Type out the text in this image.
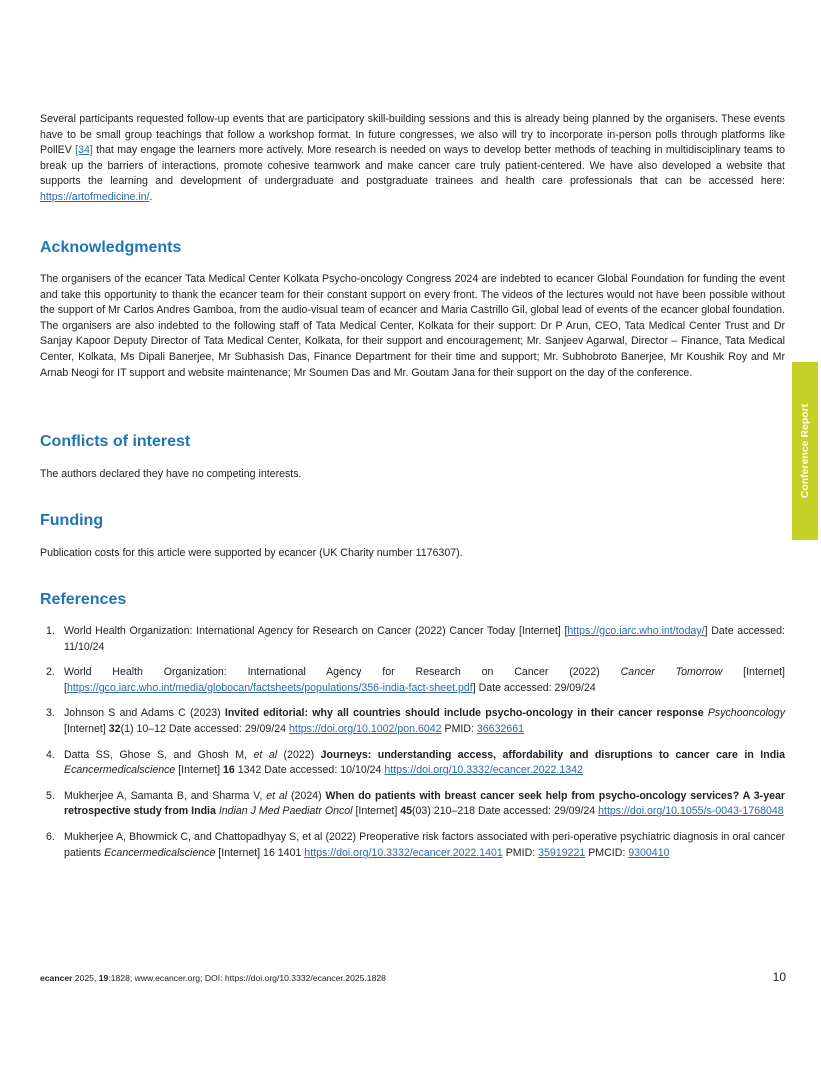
Several participants requested follow-up events that are participatory skill-building sessions and this is already being planned by the organisers. These events have to be small group teachings that follow a workshop format. In future congresses, we also will try to incorporate in-person polls through platforms like PollEV [34] that may engage the learners more actively. More research is needed on ways to develop better methods of teaching in multidisciplinary teams to break up the barriers of interactions, promote cohesive teamwork and make cancer care truly patient-centered. We have also developed a website that supports the learning and development of undergraduate and postgraduate trainees and health care professionals that can be accessed here: https://artofmedicine.in/.

Acknowledgments

The organisers of the ecancer Tata Medical Center Kolkata Psycho-oncology Congress 2024 are indebted to ecancer Global Foundation for funding the event and take this opportunity to thank the ecancer team for their constant support on every front. The videos of the lectures would not have been possible without the support of Mr Carlos Andres Gamboa, from the audio-visual team of ecancer and Maria Castrillo Gil, global lead of events of the ecancer global foundation. The organisers are also indebted to the following staff of Tata Medical Center, Kolkata for their support: Dr P Arun, CEO, Tata Medical Center Trust and Dr Sanjay Kapoor Deputy Director of Tata Medical Center, Kolkata, for their support and encouragement; Mr. Sanjeev Agarwal, Director – Finance, Tata Medical Center, Kolkata, Ms Dipali Banerjee, Mr Subhasish Das, Finance Department for their time and support; Mr. Subhobroto Banerjee, Mr Koushik Roy and Mr Arnab Neogi for IT support and website maintenance; Mr Soumen Das and Mr. Goutam Jana for their support on the day of the conference.

Conflicts of interest

The authors declared they have no competing interests.

Funding

Publication costs for this article were supported by ecancer (UK Charity number 1176307).

References
1. World Health Organization: International Agency for Research on Cancer (2022) Cancer Today [Internet] [https://gco.iarc.who.int/today/] Date accessed: 11/10/24
2. World Health Organization: International Agency for Research on Cancer (2022) Cancer Tomorrow [Internet] [https://gco.iarc.who.int/media/globocan/factsheets/populations/356-india-fact-sheet.pdf] Date accessed: 29/09/24
3. Johnson S and Adams C (2023) Invited editorial: why all countries should include psycho-oncology in their cancer response Psychooncology [Internet] 32(1) 10–12 Date accessed: 29/09/24 https://doi.org/10.1002/pon.6042 PMID: 36632661
4. Datta SS, Ghose S, and Ghosh M, et al (2022) Journeys: understanding access, affordability and disruptions to cancer care in India Ecancermedicalscience [Internet] 16 1342 Date accessed: 10/10/24 https://doi.org/10.3332/ecancer.2022.1342
5. Mukherjee A, Samanta B, and Sharma V, et al (2024) When do patients with breast cancer seek help from psycho-oncology services? A 3-year retrospective study from India Indian J Med Paediatr Oncol [Internet] 45(03) 210–218 Date accessed: 29/09/24 https://doi.org/10.1055/s-0043-1768048
6. Mukherjee A, Bhowmick C, and Chattopadhyay S, et al (2022) Preoperative risk factors associated with peri-operative psychiatric diagnosis in oral cancer patients Ecancermedicalscience [Internet] 16 1401 https://doi.org/10.3332/ecancer.2022.1401 PMID: 35919221 PMCID: 9300410
Conference Report
ecancer 2025, 19:1828; www.ecancer.org; DOI: https://doi.org/10.3332/ecancer.2025.1828	10
